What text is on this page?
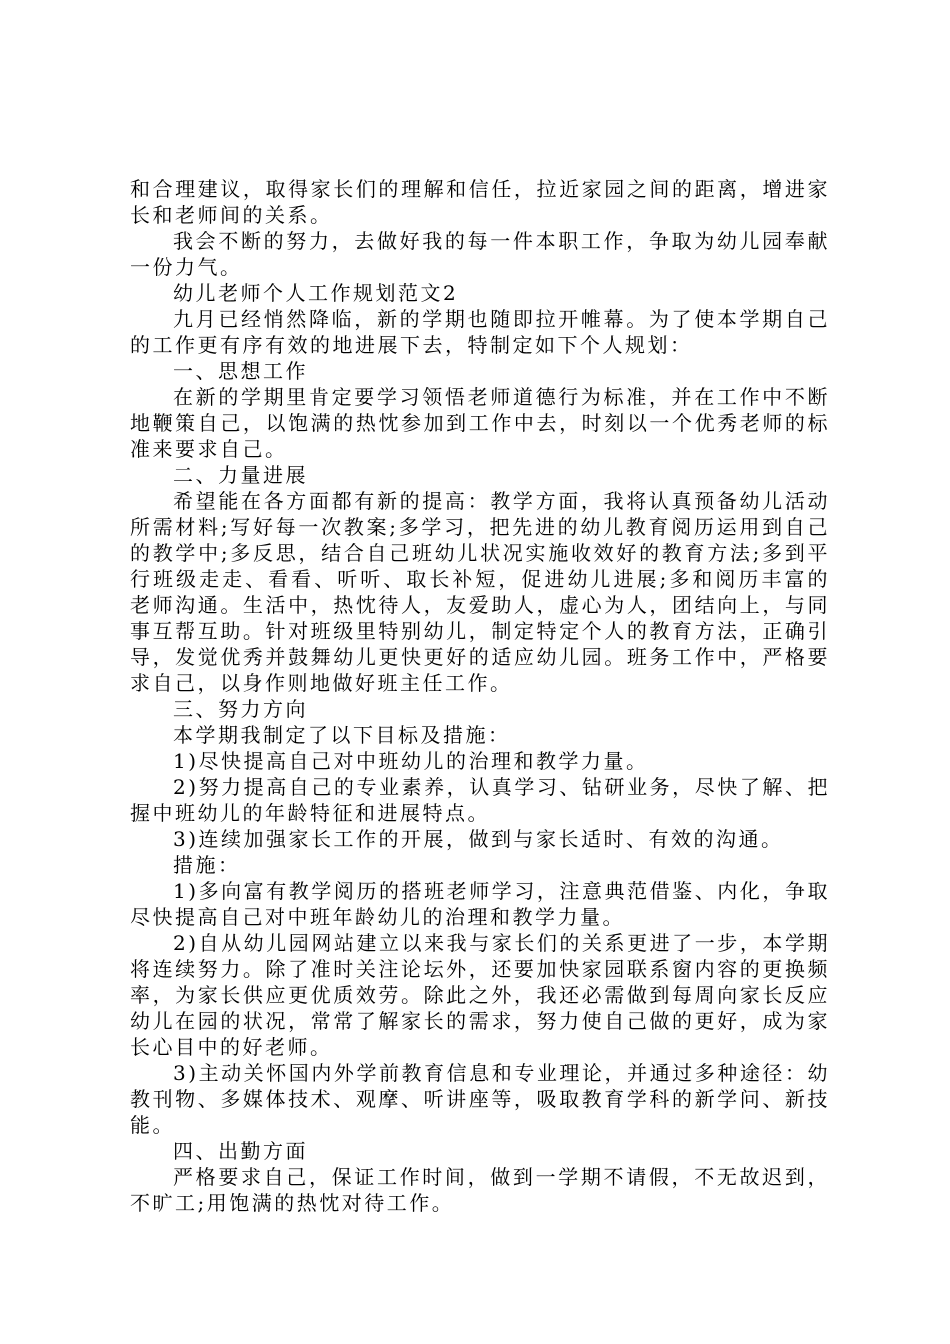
和合理建议，取得家长们的理解和信任，拉近家园之间的距离，增进家长和老师间的关系。

我会不断的努力，去做好我的每一件本职工作，争取为幼儿园奉献一份力气。

幼儿老师个人工作规划范文2

九月已经悄然降临，新的学期也随即拉开帷幕。为了使本学期自己的工作更有序有效的地进展下去，特制定如下个人规划：

一、思想工作

在新的学期里肯定要学习领悟老师道德行为标准，并在工作中不断地鞭策自己，以饱满的热忱参加到工作中去，时刻以一个优秀老师的标准来要求自己。

二、力量进展

希望能在各方面都有新的提高：教学方面，我将认真预备幼儿活动所需材料;写好每一次教案;多学习，把先进的幼儿教育阅历运用到自己的教学中;多反思，结合自己班幼儿状况实施收效好的教育方法;多到平行班级走走、看看、听听、取长补短，促进幼儿进展;多和阅历丰富的老师沟通。生活中，热忱待人，友爱助人，虚心为人，团结向上，与同事互帮互助。针对班级里特别幼儿，制定特定个人的教育方法，正确引导，发觉优秀并鼓舞幼儿更快更好的适应幼儿园。班务工作中，严格要求自己，以身作则地做好班主任工作。

三、努力方向

本学期我制定了以下目标及措施：

1)尽快提高自己对中班幼儿的治理和教学力量。

2)努力提高自己的专业素养，认真学习、钻研业务，尽快了解、把握中班幼儿的年龄特征和进展特点。

3)连续加强家长工作的开展，做到与家长适时、有效的沟通。

措施：

1)多向富有教学阅历的搭班老师学习，注意典范借鉴、内化，争取尽快提高自己对中班年龄幼儿的治理和教学力量。

2)自从幼儿园网站建立以来我与家长们的关系更进了一步，本学期将连续努力。除了准时关注论坛外，还要加快家园联系窗内容的更换频率，为家长供应更优质效劳。除此之外，我还必需做到每周向家长反应幼儿在园的状况，常常了解家长的需求，努力使自己做的更好，成为家长心目中的好老师。

3)主动关怀国内外学前教育信息和专业理论，并通过多种途径：幼教刊物、多媒体技术、观摩、听讲座等，吸取教育学科的新学问、新技能。

四、出勤方面

严格要求自己，保证工作时间，做到一学期不请假，不无故迟到，不旷工;用饱满的热忱对待工作。
